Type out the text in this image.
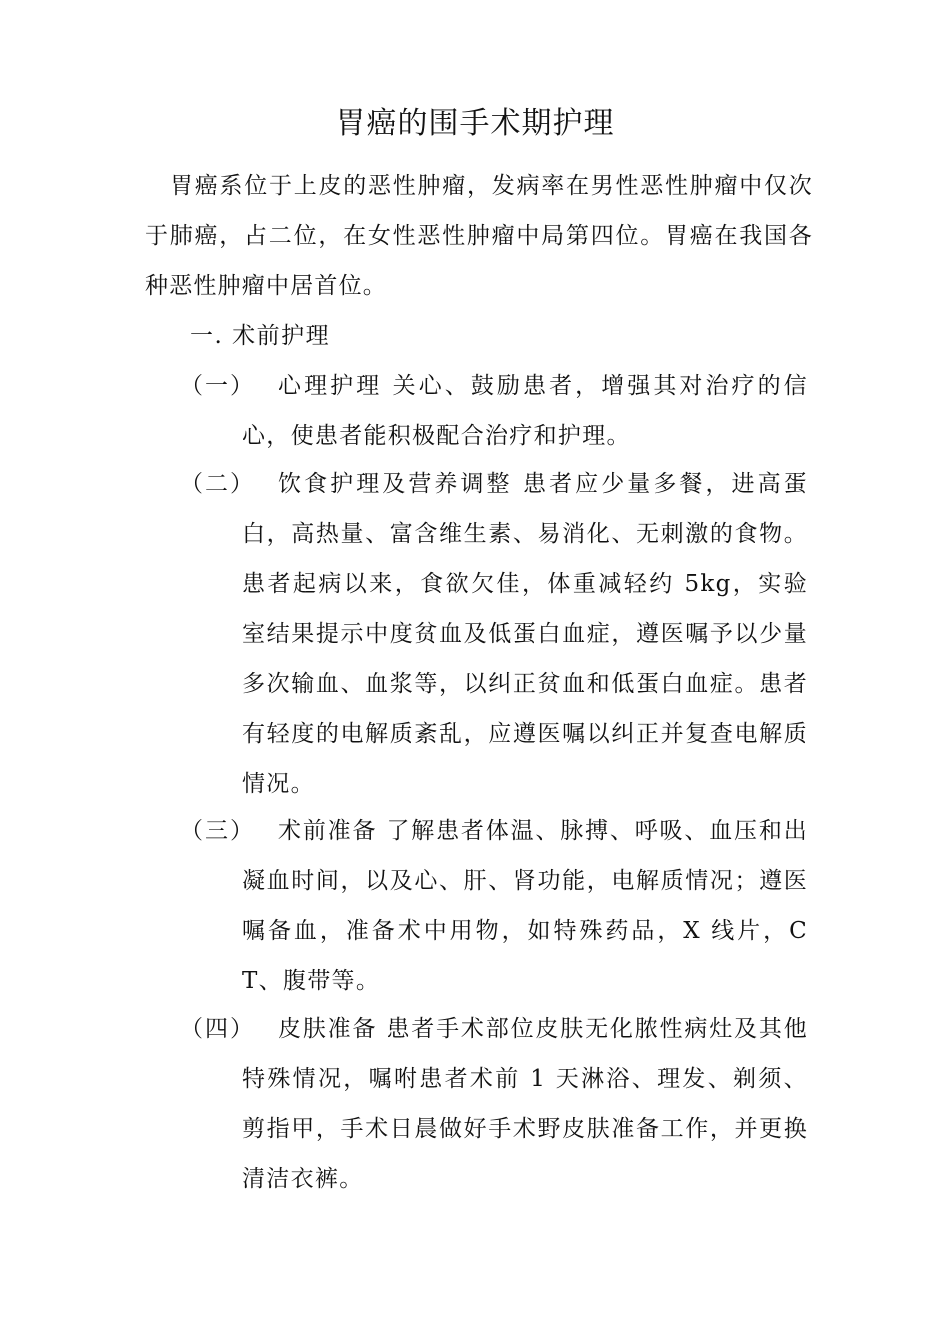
胃癌的围手术期护理
胃癌系位于上皮的恶性肿瘤，发病率在男性恶性肿瘤中仅次于肺癌，占二位，在女性恶性肿瘤中局第四位。胃癌在我国各种恶性肿瘤中居首位。
一. 术前护理
（一）	心理护理 关心、鼓励患者，增强其对治疗的信心，使患者能积极配合治疗和护理。
（二）	饮食护理及营养调整 患者应少量多餐，进高蛋白，高热量、富含维生素、易消化、无刺激的食物。患者起病以来，食欲欠佳，体重减轻约 5kg，实验室结果提示中度贫血及低蛋白血症，遵医嘱予以少量多次输血、血浆等，以纠正贫血和低蛋白血症。患者有轻度的电解质紊乱，应遵医嘱以纠正并复查电解质情况。
（三）	术前准备 了解患者体温、脉搏、呼吸、血压和出凝血时间，以及心、肝、肾功能，电解质情况；遵医嘱备血，准备术中用物，如特殊药品，X 线片，CT、腹带等。
（四）	皮肤准备 患者手术部位皮肤无化脓性病灶及其他特殊情况，嘱咐患者术前 1 天淋浴、理发、剃须、剪指甲，手术日晨做好手术野皮肤准备工作，并更换清洁衣裤。
